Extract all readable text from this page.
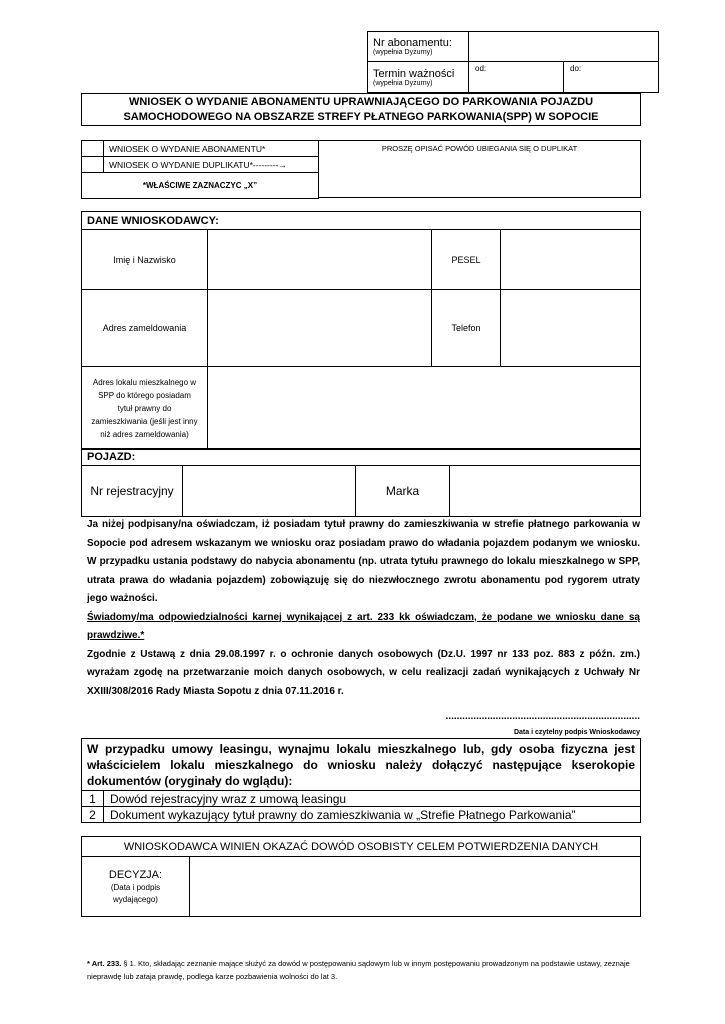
Nr abonamentu:
(wypełnia Dyżurny)		

Termin ważności
(wypełnia Dyżurny)	od:	do:
WNIOSEK O WYDANIE ABONAMENTU UPRAWNIAJĄCEGO DO PARKOWANIA POJAZDU
SAMOCHODOWEGO NA OBSZARZE STREFY PŁATNEGO PARKOWANIA(SPP) W SOPOCIE
	WNIOSEK O WYDANIE ABONAMENTU*
	WNIOSEK O WYDANIE DUPLIKATU*---------→
*WŁAŚCIWE ZAZNACZYC „X”	
PROSZĘ OPISAĆ POWÓD UBIEGANIA SIĘ O DUPLIKAT
DANE WNIOSKODAWCY:			
Imię i Nazwisko		PESEL	
Adres zameldowania		Telefon	
Adres lokalu mieszkalnego w SPP do którego posiadam tytuł prawny do zamieszkiwania (jeśli jest inny niż adres zameldowania)			
POJAZD:
Nr rejestracyjny		Marka	
Ja niżej podpisany/na oświadczam, iż posiadam tytuł prawny do zamieszkiwania w strefie płatnego parkowania w Sopocie pod adresem wskazanym we wniosku oraz posiadam prawo do władania pojazdem podanym we wniosku. W przypadku ustania podstawy do nabycia abonamentu (np. utrata tytułu prawnego do lokalu mieszkalnego w SPP, utrata prawa do władania pojazdem) zobowiązuję się do niezwłocznego zwrotu abonamentu pod rygorem utraty jego ważności.
Świadomy/ma odpowiedzialności karnej wynikającej z art. 233 kk oświadczam, że podane we wniosku dane są prawdziwe.*
Zgodnie z Ustawą z dnia 29.08.1997 r. o ochronie danych osobowych (Dz.U. 1997 nr 133 poz. 883 z późn. zm.) wyrażam zgodę na przetwarzanie moich danych osobowych, w celu realizacji zadań wynikających z Uchwały Nr XXIII/308/2016 Rady Miasta Sopotu z dnia 07.11.2016 r.
......................................................................
Data i czytelny podpis Wnioskodawcy
W przypadku umowy leasingu, wynajmu lokalu mieszkalnego lub, gdy osoba fizyczna jest właścicielem lokalu mieszkalnego do wniosku należy dołączyć następujące kserokopie dokumentów (oryginały do wglądu):	
1	Dowód rejestracyjny wraz z umową leasingu
2	Dokument wykazujący tytuł prawny do zamieszkiwania w „Strefie Płatnego Parkowania”
WNIOSKODAWCA WINIEN OKAZAĆ DOWÓD OSOBISTY CELEM POTWIERDZENIA DANYCH

DECYZJA:
(Data i podpis wydającego)

* Art. 233. § 1. Kto, składając zeznanie mające służyć za dowód w postępowaniu sądowym lub w innym postępowaniu prowadzonym na podstawie ustawy, zeznaje nieprawdę lub zataja prawdę, podlega karze pozbawienia wolności do lat 3.
